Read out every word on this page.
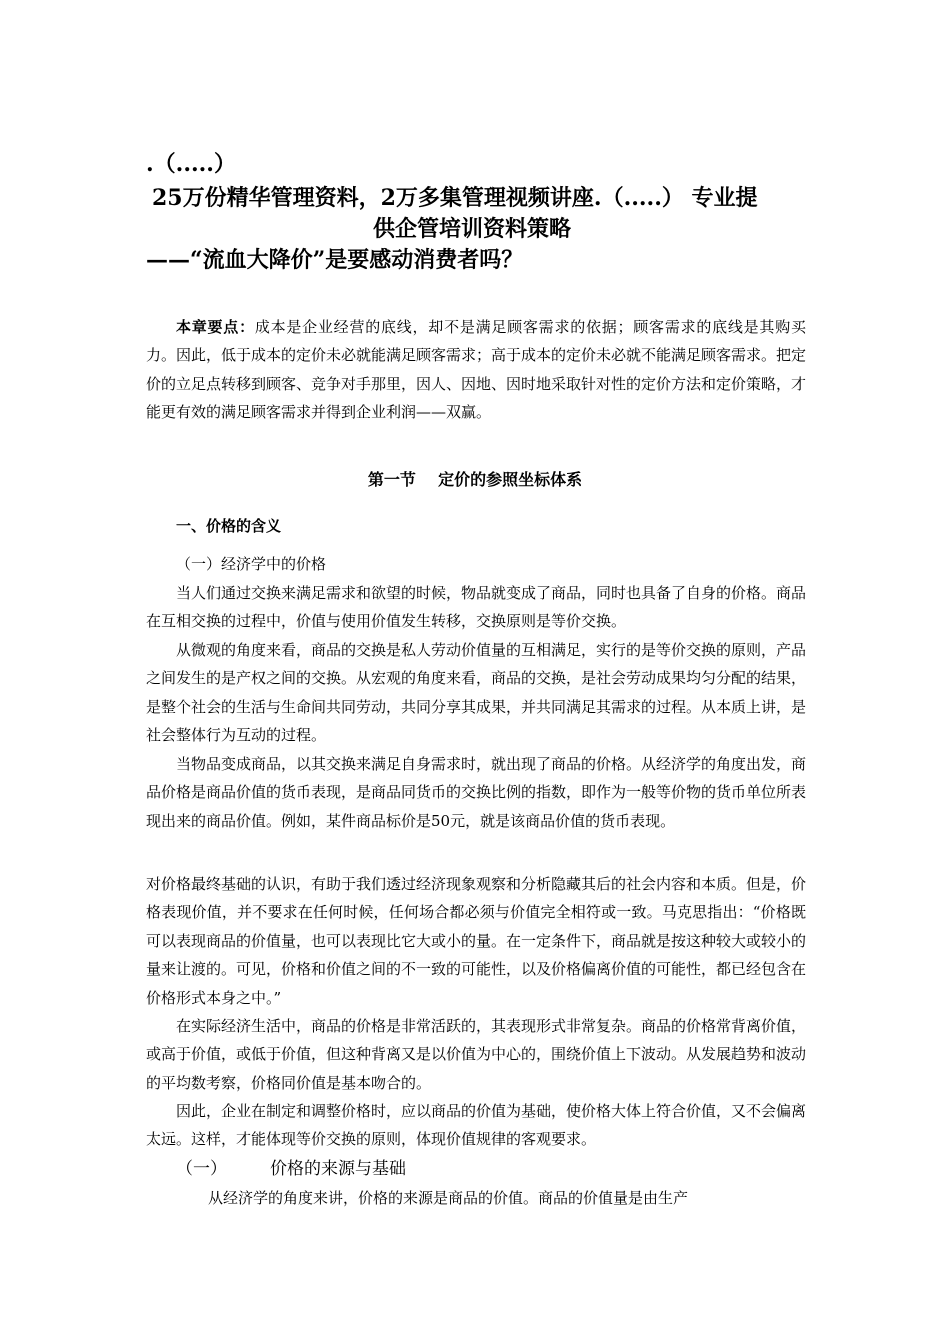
.（.....）
25万份精华管理资料，2万多集管理视频讲座.（.....） 专业提
供企管培训资料策略
——“流血大降价”是要感动消费者吗？
本章要点：成本是企业经营的底线，却不是满足顾客需求的依据；顾客需求的底线是其购买力。因此，低于成本的定价未必就能满足顾客需求；高于成本的定价未必就不能满足顾客需求。把定价的立足点转移到顾客、竞争对手那里，因人、因地、因时地采取针对性的定价方法和定价策略，才能更有效的满足顾客需求并得到企业利润——双赢。
第一节    定价的参照坐标体系
一、价格的含义
（一）经济学中的价格
当人们通过交换来满足需求和欲望的时候，物品就变成了商品，同时也具备了自身的价格。商品在互相交换的过程中，价值与使用价值发生转移，交换原则是等价交换。
从微观的角度来看，商品的交换是私人劳动价值量的互相满足，实行的是等价交换的原则，产品之间发生的是产权之间的交换。从宏观的角度来看，商品的交换，是社会劳动成果均匀分配的结果，是整个社会的生活与生命间共同劳动，共同分享其成果，并共同满足其需求的过程。从本质上讲，是社会整体行为互动的过程。
当物品变成商品，以其交换来满足自身需求时，就出现了商品的价格。从经济学的角度出发，商品价格是商品价值的货币表现，是商品同货币的交换比例的指数，即作为一般等价物的货币单位所表现出来的商品价值。例如，某件商品标价是50元，就是该商品价值的货币表现。
对价格最终基础的认识，有助于我们透过经济现象观察和分析隐藏其后的社会内容和本质。但是，价格表现价值，并不要求在任何时候，任何场合都必须与价值完全相符或一致。马克思指出：“价格既可以表现商品的价值量，也可以表现比它大或小的量。在一定条件下，商品就是按这种较大或较小的量来让渡的。可见，价格和价值之间的不一致的可能性，以及价格偏离价值的可能性，都已经包含在价格形式本身之中。”
在实际经济生活中，商品的价格是非常活跃的，其表现形式非常复杂。商品的价格常背离价值，或高于价值，或低于价值，但这种背离又是以价值为中心的，围绕价值上下波动。从发展趋势和波动的平均数考察，价格同价值是基本吻合的。
因此，企业在制定和调整价格时，应以商品的价值为基础，使价格大体上符合价值，又不会偏离太远。这样，才能体现等价交换的原则，体现价值规律的客观要求。
（一）	价格的来源与基础
从经济学的角度来讲，价格的来源是商品的价值。商品的价值量是由生产
